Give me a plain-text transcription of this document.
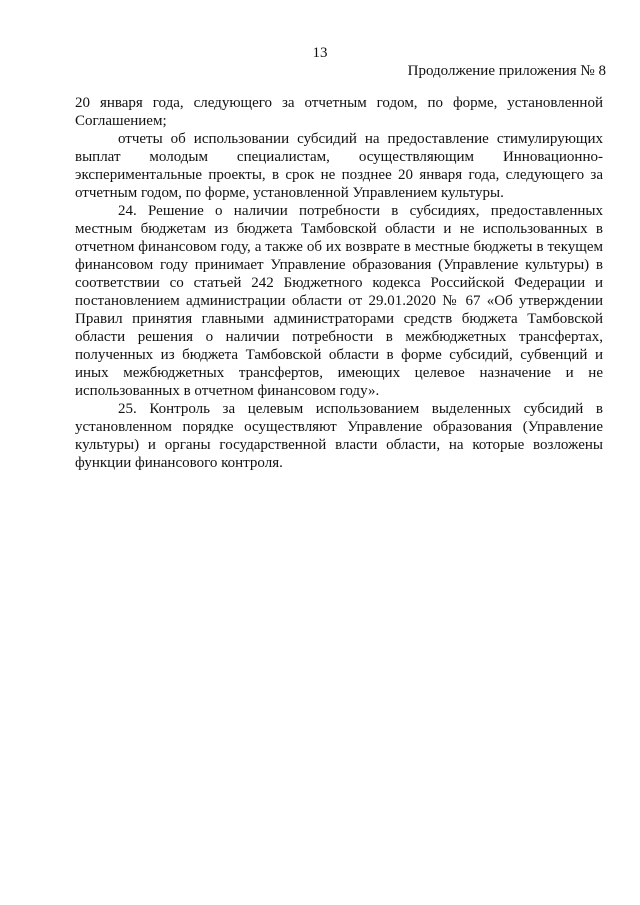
13
Продолжение приложения № 8

20 января года, следующего за отчетным годом, по форме, установленной Соглашением;

отчеты об использовании субсидий на предоставление стимулирующих выплат молодым специалистам, осуществляющим Инновационно-экспериментальные проекты, в срок не позднее 20 января года, следующего за отчетным годом, по форме, установленной Управлением культуры.

24. Решение о наличии потребности в субсидиях, предоставленных местным бюджетам из бюджета Тамбовской области и не использованных в отчетном финансовом году, а также об их возврате в местные бюджеты в текущем финансовом году принимает Управление образования (Управление культуры) в соответствии со статьей 242 Бюджетного кодекса Российской Федерации и постановлением администрации области от 29.01.2020 № 67 «Об утверждении Правил принятия главными администраторами средств бюджета Тамбовской области решения о наличии потребности в межбюджетных трансфертах, полученных из бюджета Тамбовской области в форме субсидий, субвенций и иных межбюджетных трансфертов, имеющих целевое назначение и не использованных в отчетном финансовом году».

25. Контроль за целевым использованием выделенных субсидий в установленном порядке осуществляют Управление образования (Управление культуры) и органы государственной власти области, на которые возложены функции финансового контроля.
